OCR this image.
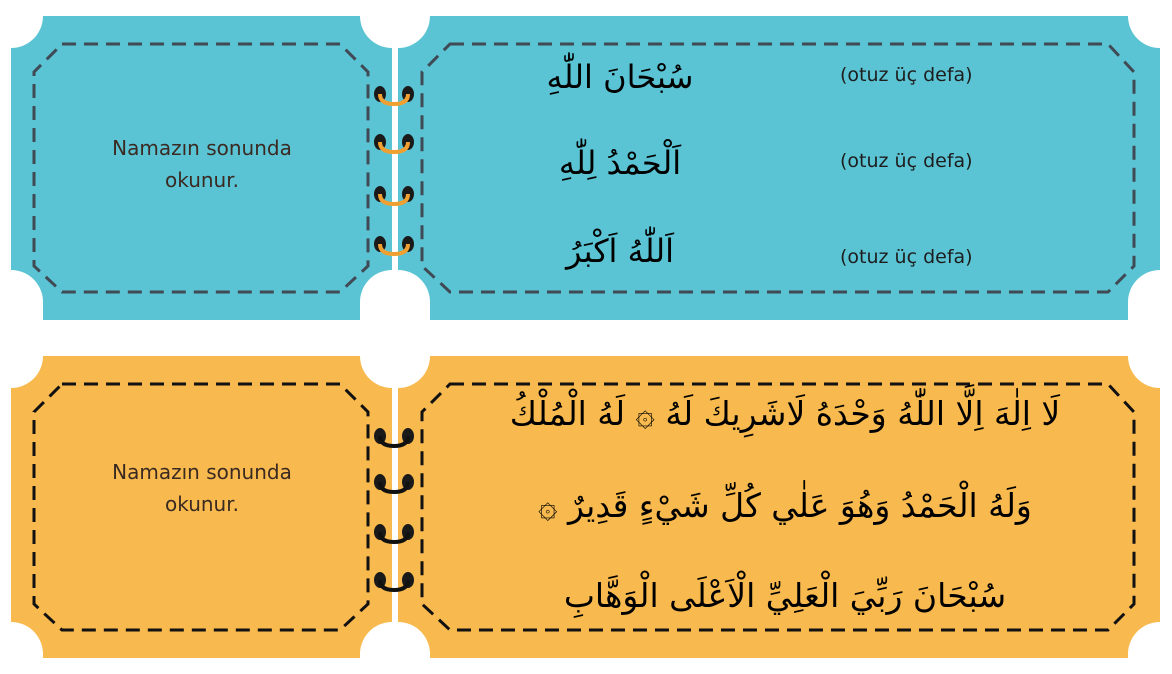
Namazın sonunda
okunur.
سُبْحَانَ اللّٰهِ	(otuz üç defa)
اَلْحَمْدُ لِلّٰهِ	(otuz üç defa)
اَللّٰهُ اَكْبَرُ	(otuz üç defa)
Namazın sonunda
okunur.
لَا اِلٰهَ اِلَّا اللّٰهُ وَحْدَهُ لَاشَرِيكَ لَهُ ۞ لَهُ الْمُلْكُ
وَلَهُ الْحَمْدُ وَهُوَ عَلٰي كُلِّ شَيْءٍ قَدِيرٌ ۞
سُبْحَانَ رَبِّيَ الْعَلِيِّ الْاَعْلَى الْوَهَّابِ
